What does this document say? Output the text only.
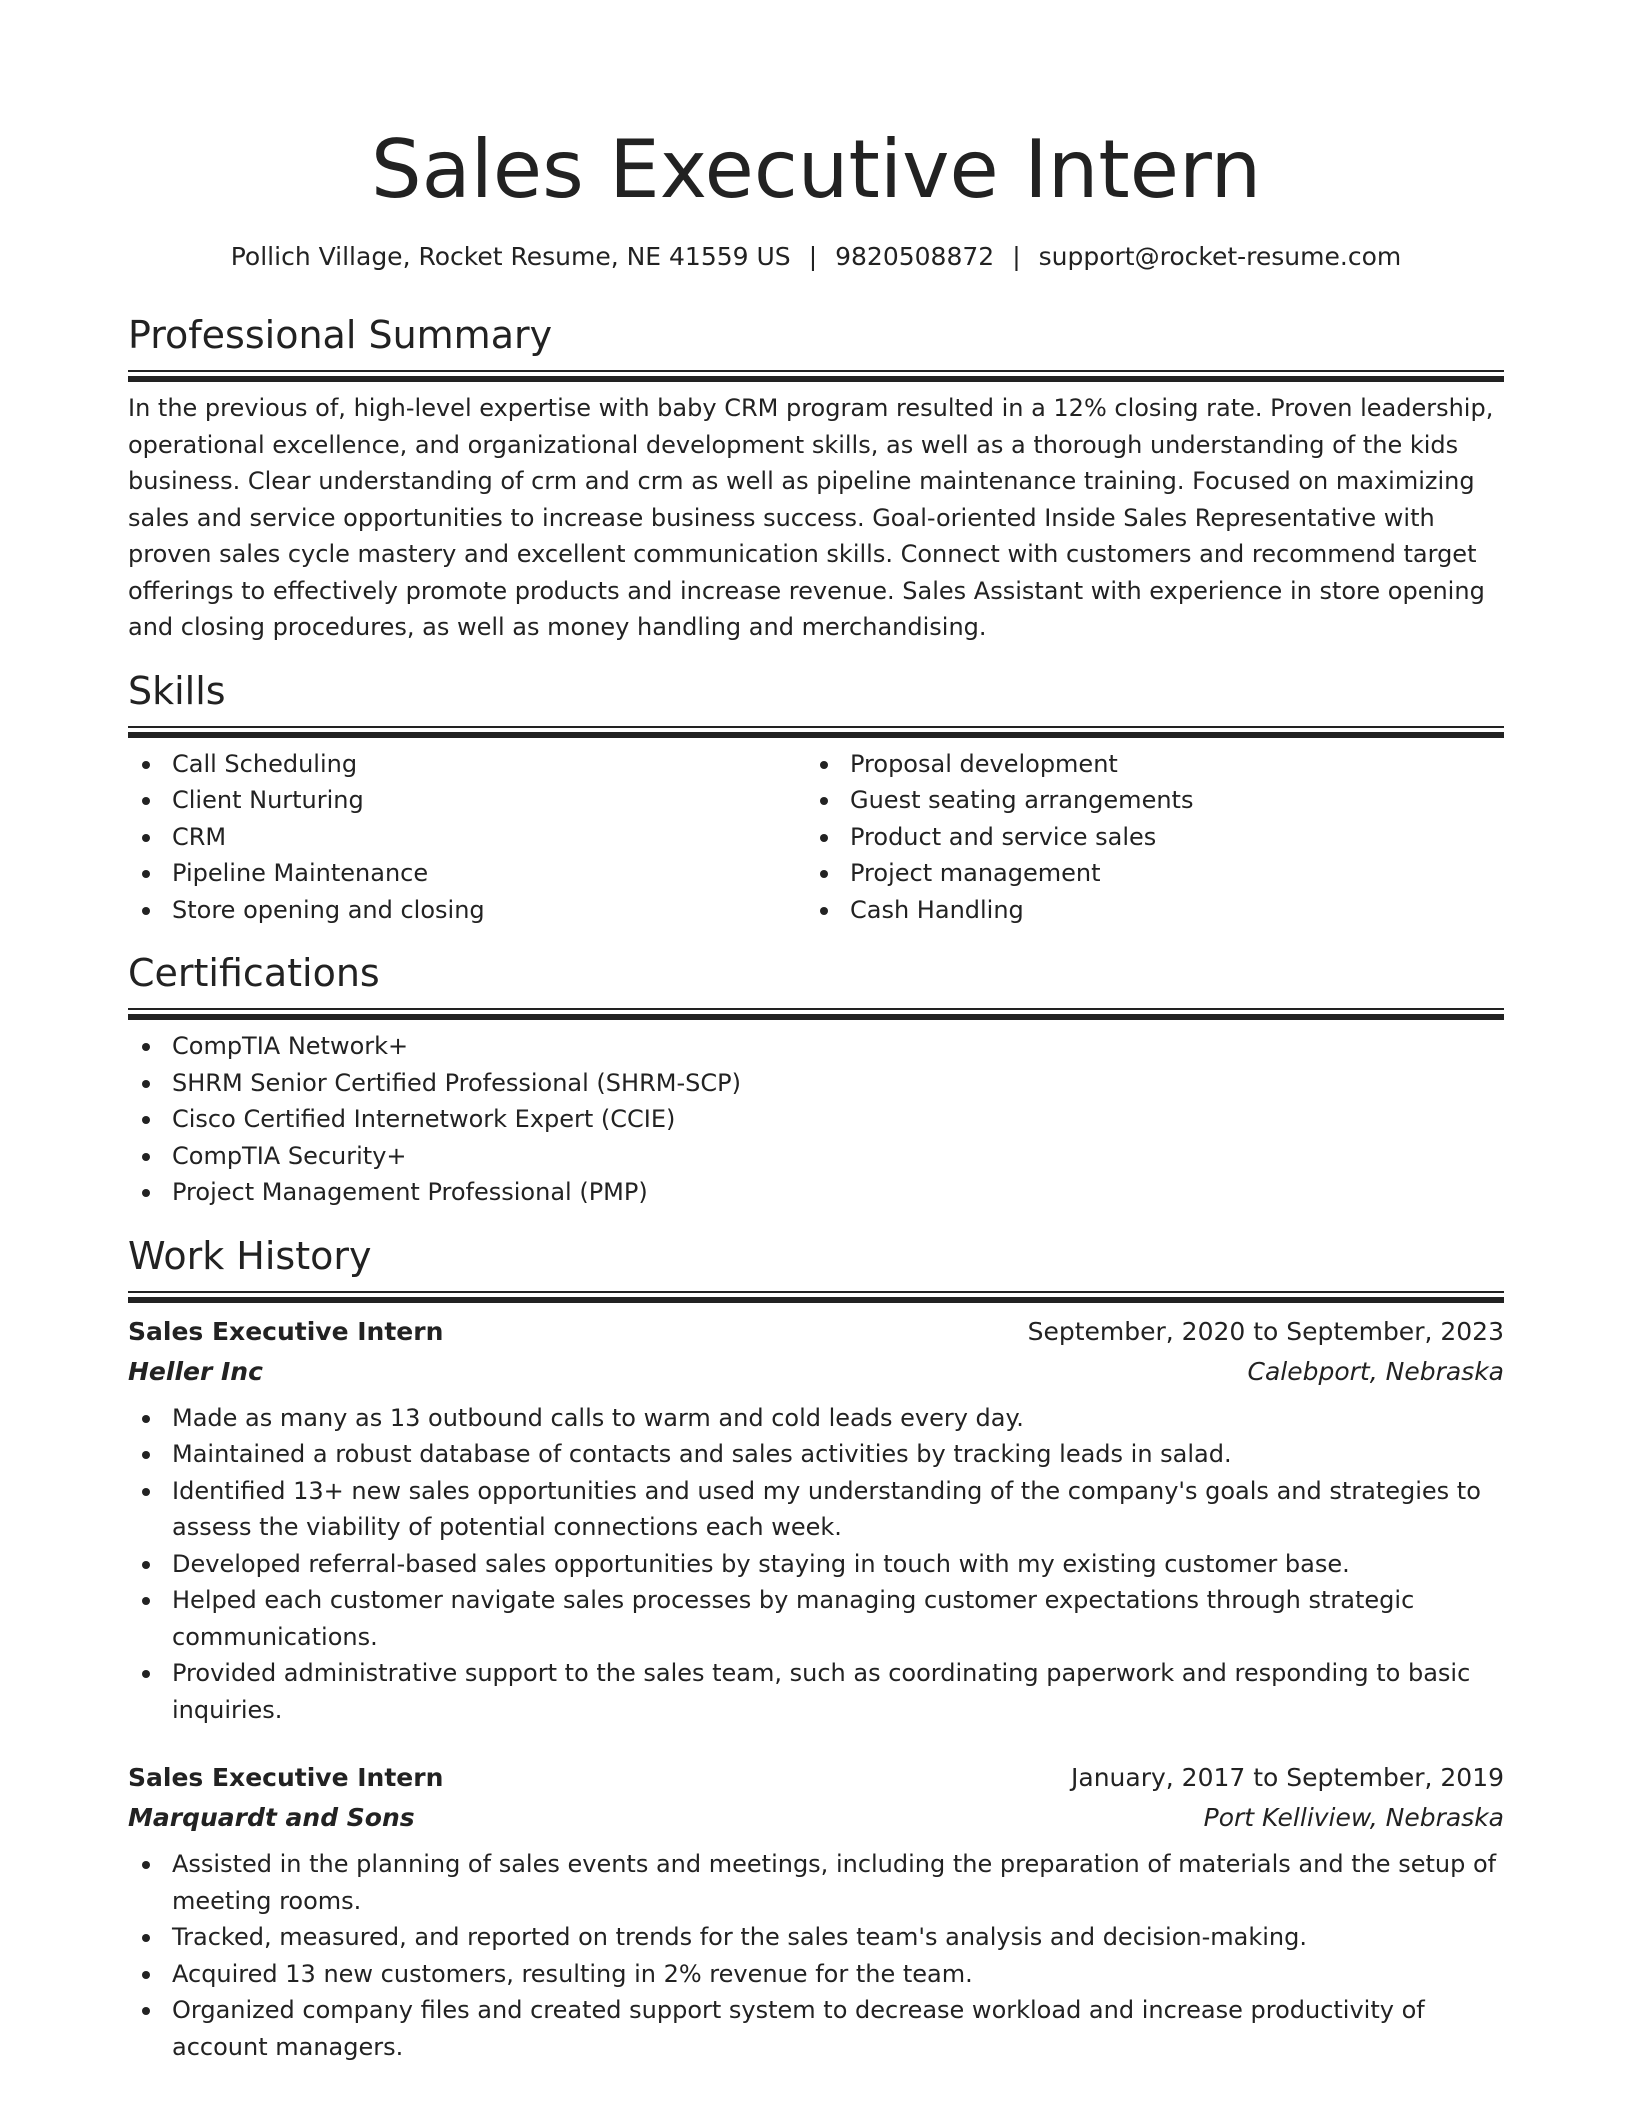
Sales Executive Intern
Pollich Village, Rocket Resume, NE 41559 US | 9820508872 | support@rocket-resume.com
Professional Summary
In the previous of, high-level expertise with baby CRM program resulted in a 12% closing rate. Proven leadership, operational excellence, and organizational development skills, as well as a thorough understanding of the kids business. Clear understanding of crm and crm as well as pipeline maintenance training. Focused on maximizing sales and service opportunities to increase business success. Goal-oriented Inside Sales Representative with proven sales cycle mastery and excellent communication skills. Connect with customers and recommend target offerings to effectively promote products and increase revenue. Sales Assistant with experience in store opening and closing procedures, as well as money handling and merchandising.
Skills
Call Scheduling
Client Nurturing
CRM
Pipeline Maintenance
Store opening and closing
Proposal development
Guest seating arrangements
Product and service sales
Project management
Cash Handling
Certifications
CompTIA Network+
SHRM Senior Certified Professional (SHRM-SCP)
Cisco Certified Internetwork Expert (CCIE)
CompTIA Security+
Project Management Professional (PMP)
Work History
Sales Executive Intern	September, 2020 to September, 2023
Heller Inc	Calebport, Nebraska
Made as many as 13 outbound calls to warm and cold leads every day.
Maintained a robust database of contacts and sales activities by tracking leads in salad.
Identified 13+ new sales opportunities and used my understanding of the company's goals and strategies to assess the viability of potential connections each week.
Developed referral-based sales opportunities by staying in touch with my existing customer base.
Helped each customer navigate sales processes by managing customer expectations through strategic communications.
Provided administrative support to the sales team, such as coordinating paperwork and responding to basic inquiries.
Sales Executive Intern	January, 2017 to September, 2019
Marquardt and Sons	Port Kelliview, Nebraska
Assisted in the planning of sales events and meetings, including the preparation of materials and the setup of meeting rooms.
Tracked, measured, and reported on trends for the sales team's analysis and decision-making.
Acquired 13 new customers, resulting in 2% revenue for the team.
Organized company files and created support system to decrease workload and increase productivity of account managers.
